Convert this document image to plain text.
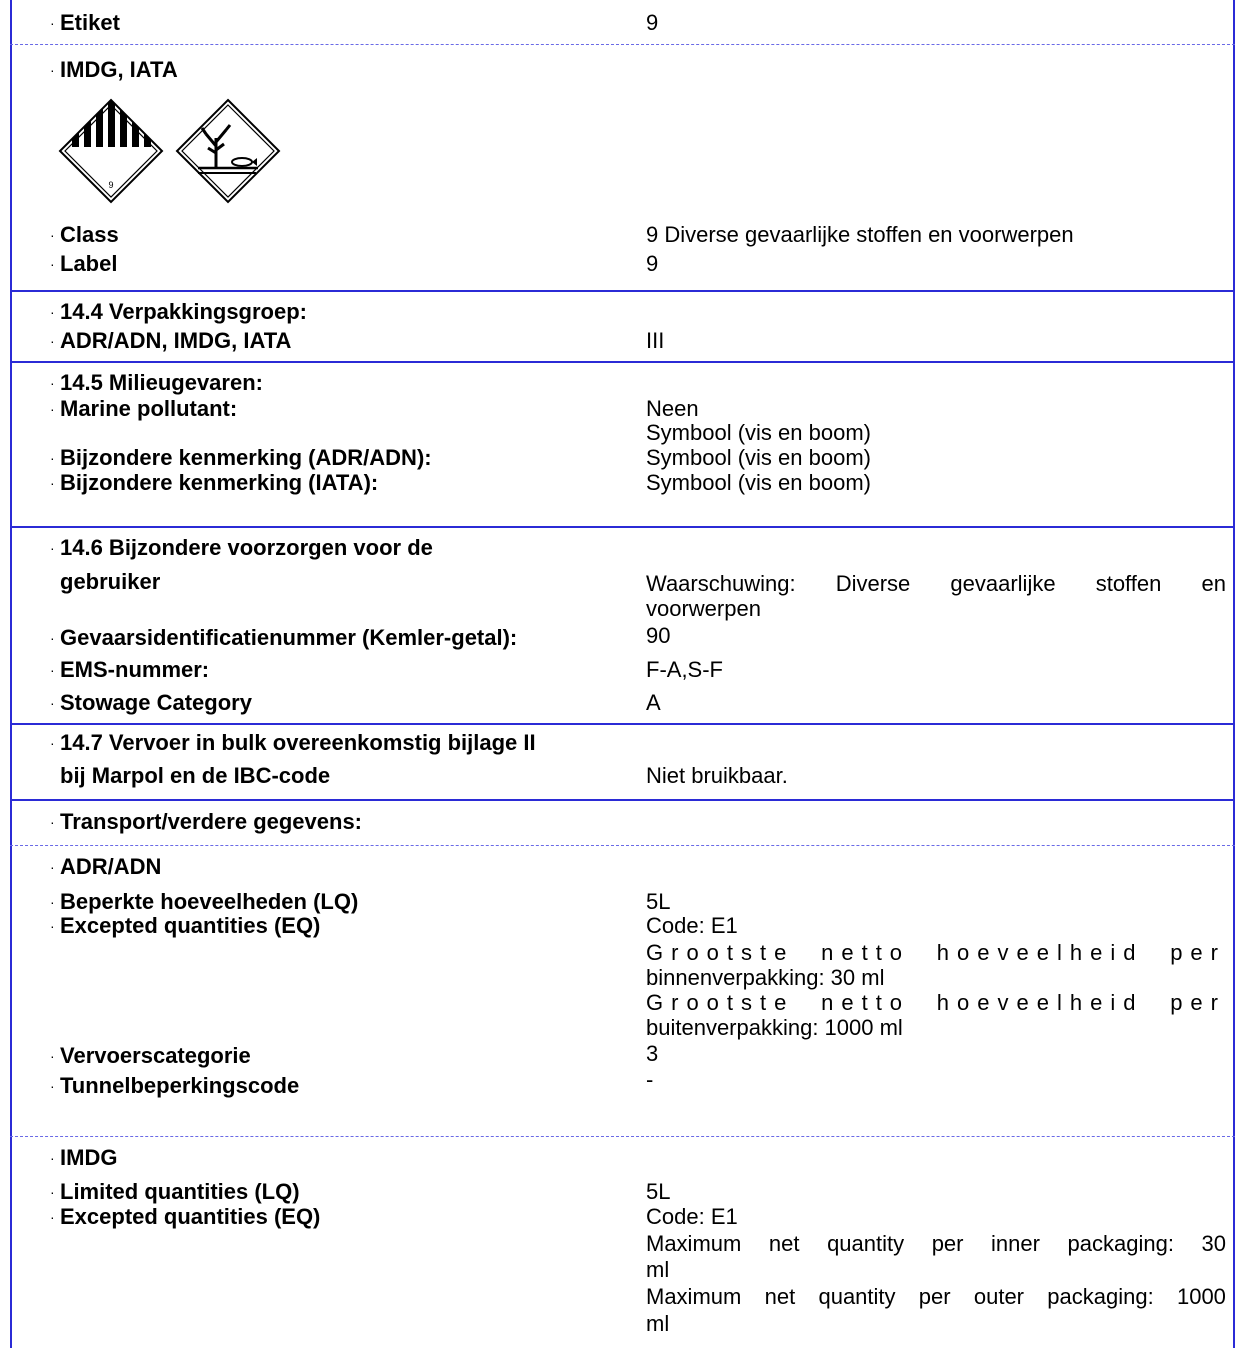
· Etiket	9
· IMDG, IATA
9
· Class	9 Diverse gevaarlijke stoffen en voorwerpen
· Label	9
· 14.4 Verpakkingsgroep:
· ADR/ADN, IMDG, IATA	III
· 14.5 Milieugevaren:
· Marine pollutant:	Neen
Symbool (vis en boom)
· Bijzondere kenmerking (ADR/ADN):	Symbool (vis en boom)
· Bijzondere kenmerking (IATA):	Symbool (vis en boom)
· 14.6 Bijzondere voorzorgen voor de
gebruiker	Waarschuwing: Diverse gevaarlijke stoffen en
voorwerpen
· Gevaarsidentificatienummer (Kemler-getal):	90
· EMS-nummer:	F-A,S-F
· Stowage Category	A
· 14.7 Vervoer in bulk overeenkomstig bijlage II
bij Marpol en de IBC-code	Niet bruikbaar.
· Transport/verdere gegevens:
· ADR/ADN
· Beperkte hoeveelheden (LQ)	5L
· Excepted quantities (EQ)	Code: E1
Grootste netto hoeveelheid per
binnenverpakking: 30 ml
Grootste netto hoeveelheid per
buitenverpakking: 1000 ml
· Vervoerscategorie	3
· Tunnelbeperkingscode	-
· IMDG
· Limited quantities (LQ)	5L
· Excepted quantities (EQ)	Code: E1
Maximum net quantity per inner packaging: 30
ml
Maximum net quantity per outer packaging: 1000
ml
